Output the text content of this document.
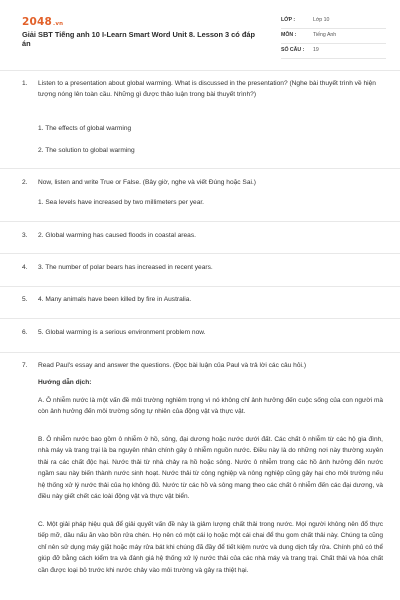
2048.vn
Giải SBT Tiếng anh 10 I-Learn Smart Word Unit 8. Lesson 3 có đáp án
LỚP :	Lớp 10
MÔN :	Tiếng Anh
SỐ CÂU : 19
1. Listen to a presentation about global warming. What is discussed in the presentation? (Nghe bài thuyết trình về hiện tượng nóng lên toàn cầu. Những gì được thảo luận trong bài thuyết trình?)
1. The effects of global warming
2. The solution to global warming
2. Now, listen and write True or False. (Bây giờ, nghe và viết Đúng hoặc Sai.)
1. Sea levels have increased by two millimeters per year.
3. 2. Global warming has caused floods in coastal areas.
4. 3. The number of polar bears has increased in recent years.
5. 4. Many animals have been killed by fire in Australia.
6. 5. Global warming is a serious environment problem now.
7. Read Paul's essay and answer the questions. (Đọc bài luận của Paul và trả lời các câu hỏi.)
Hướng dẫn dịch:
A. Ô nhiễm nước là một vấn đề môi trường nghiêm trọng vì nó không chỉ ảnh hưởng đến cuộc sống của con người mà còn ảnh hưởng đến môi trường sống tự nhiên của động vật và thực vật.
B. Ô nhiễm nước bao gồm ô nhiễm ở hồ, sông, đại dương hoặc nước dưới đất. Các chất ô nhiễm từ các hộ gia đình, nhà máy và trang trại là ba nguyên nhân chính gây ô nhiễm nguồn nước. Điều này là do những nơi này thường xuyên thải ra các chất độc hại. Nước thải từ nhà chảy ra hồ hoặc sông. Nước ô nhiễm trong các hồ ảnh hưởng đến nước ngầm sau này biến thành nước sinh hoạt. Nước thải từ công nghiệp và nông nghiệp cũng gây hại cho môi trường nếu hệ thống xử lý nước thải của họ không đủ. Nước từ các hồ và sông mang theo các chất ô nhiễm đến các đại dương, và điều này giết chết các loài động vật và thực vật biển.
C. Một giải pháp hiệu quả để giải quyết vấn đề này là giảm lượng chất thải trong nước. Mọi người không nên đổ thực tiếp mỡ, dầu nấu ăn vào bồn rửa chén. Họ nên có một cái lọ hoặc một cái chai để thu gom chất thải này. Chúng ta cũng chỉ nên sử dụng máy giặt hoặc máy rửa bát khi chúng đã đầy để tiết kiệm nước và dung dịch tẩy rửa. Chính phủ có thể giúp đỡ bằng cách kiểm tra và đánh giá hệ thống xử lý nước thải của các nhà máy và trang trại. Chất thải và hóa chất cần được loại bỏ trước khi nước chảy vào môi trường và gây ra thiệt hại.
